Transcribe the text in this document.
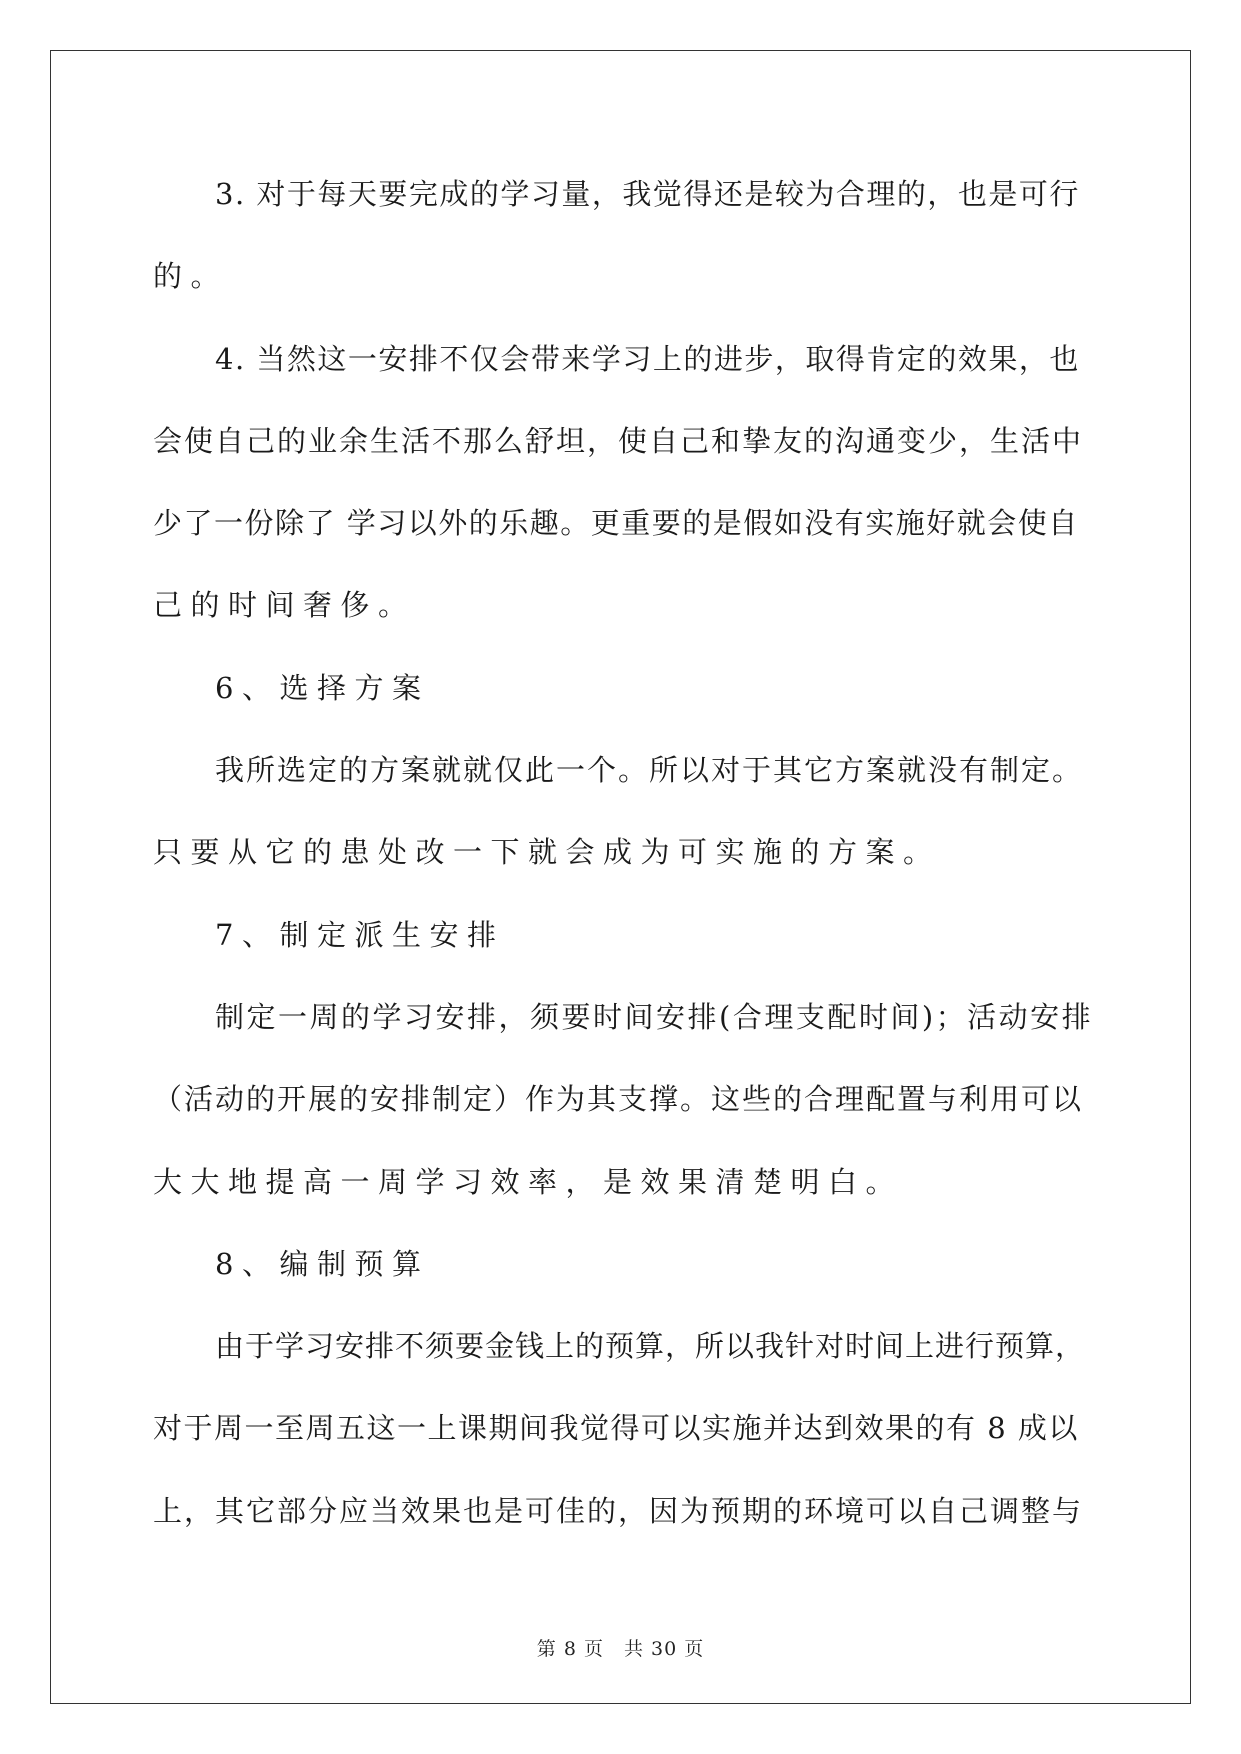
3. 对于每天要完成的学习量，我觉得还是较为合理的，也是可行

的。

4. 当然这一安排不仅会带来学习上的进步，取得肯定的效果，也

会使自己的业余生活不那么舒坦，使自己和挚友的沟通变少，生活中

少了一份除了 学习以外的乐趣。更重要的是假如没有实施好就会使自

己的时间奢侈。

6、选择方案

我所选定的方案就就仅此一个。所以对于其它方案就没有制定。

只要从它的患处改一下就会成为可实施的方案。

7、制定派生安排

制定一周的学习安排，须要时间安排(合理支配时间)；活动安排

（活动的开展的安排制定）作为其支撑。这些的合理配置与利用可以

大大地提高一周学习效率，是效果清楚明白。

8、编制预算

由于学习安排不须要金钱上的预算，所以我针对时间上进行预算，

对于周一至周五这一上课期间我觉得可以实施并达到效果的有 8 成以

上，其它部分应当效果也是可佳的，因为预期的环境可以自己调整与

第 8 页　共 30 页
